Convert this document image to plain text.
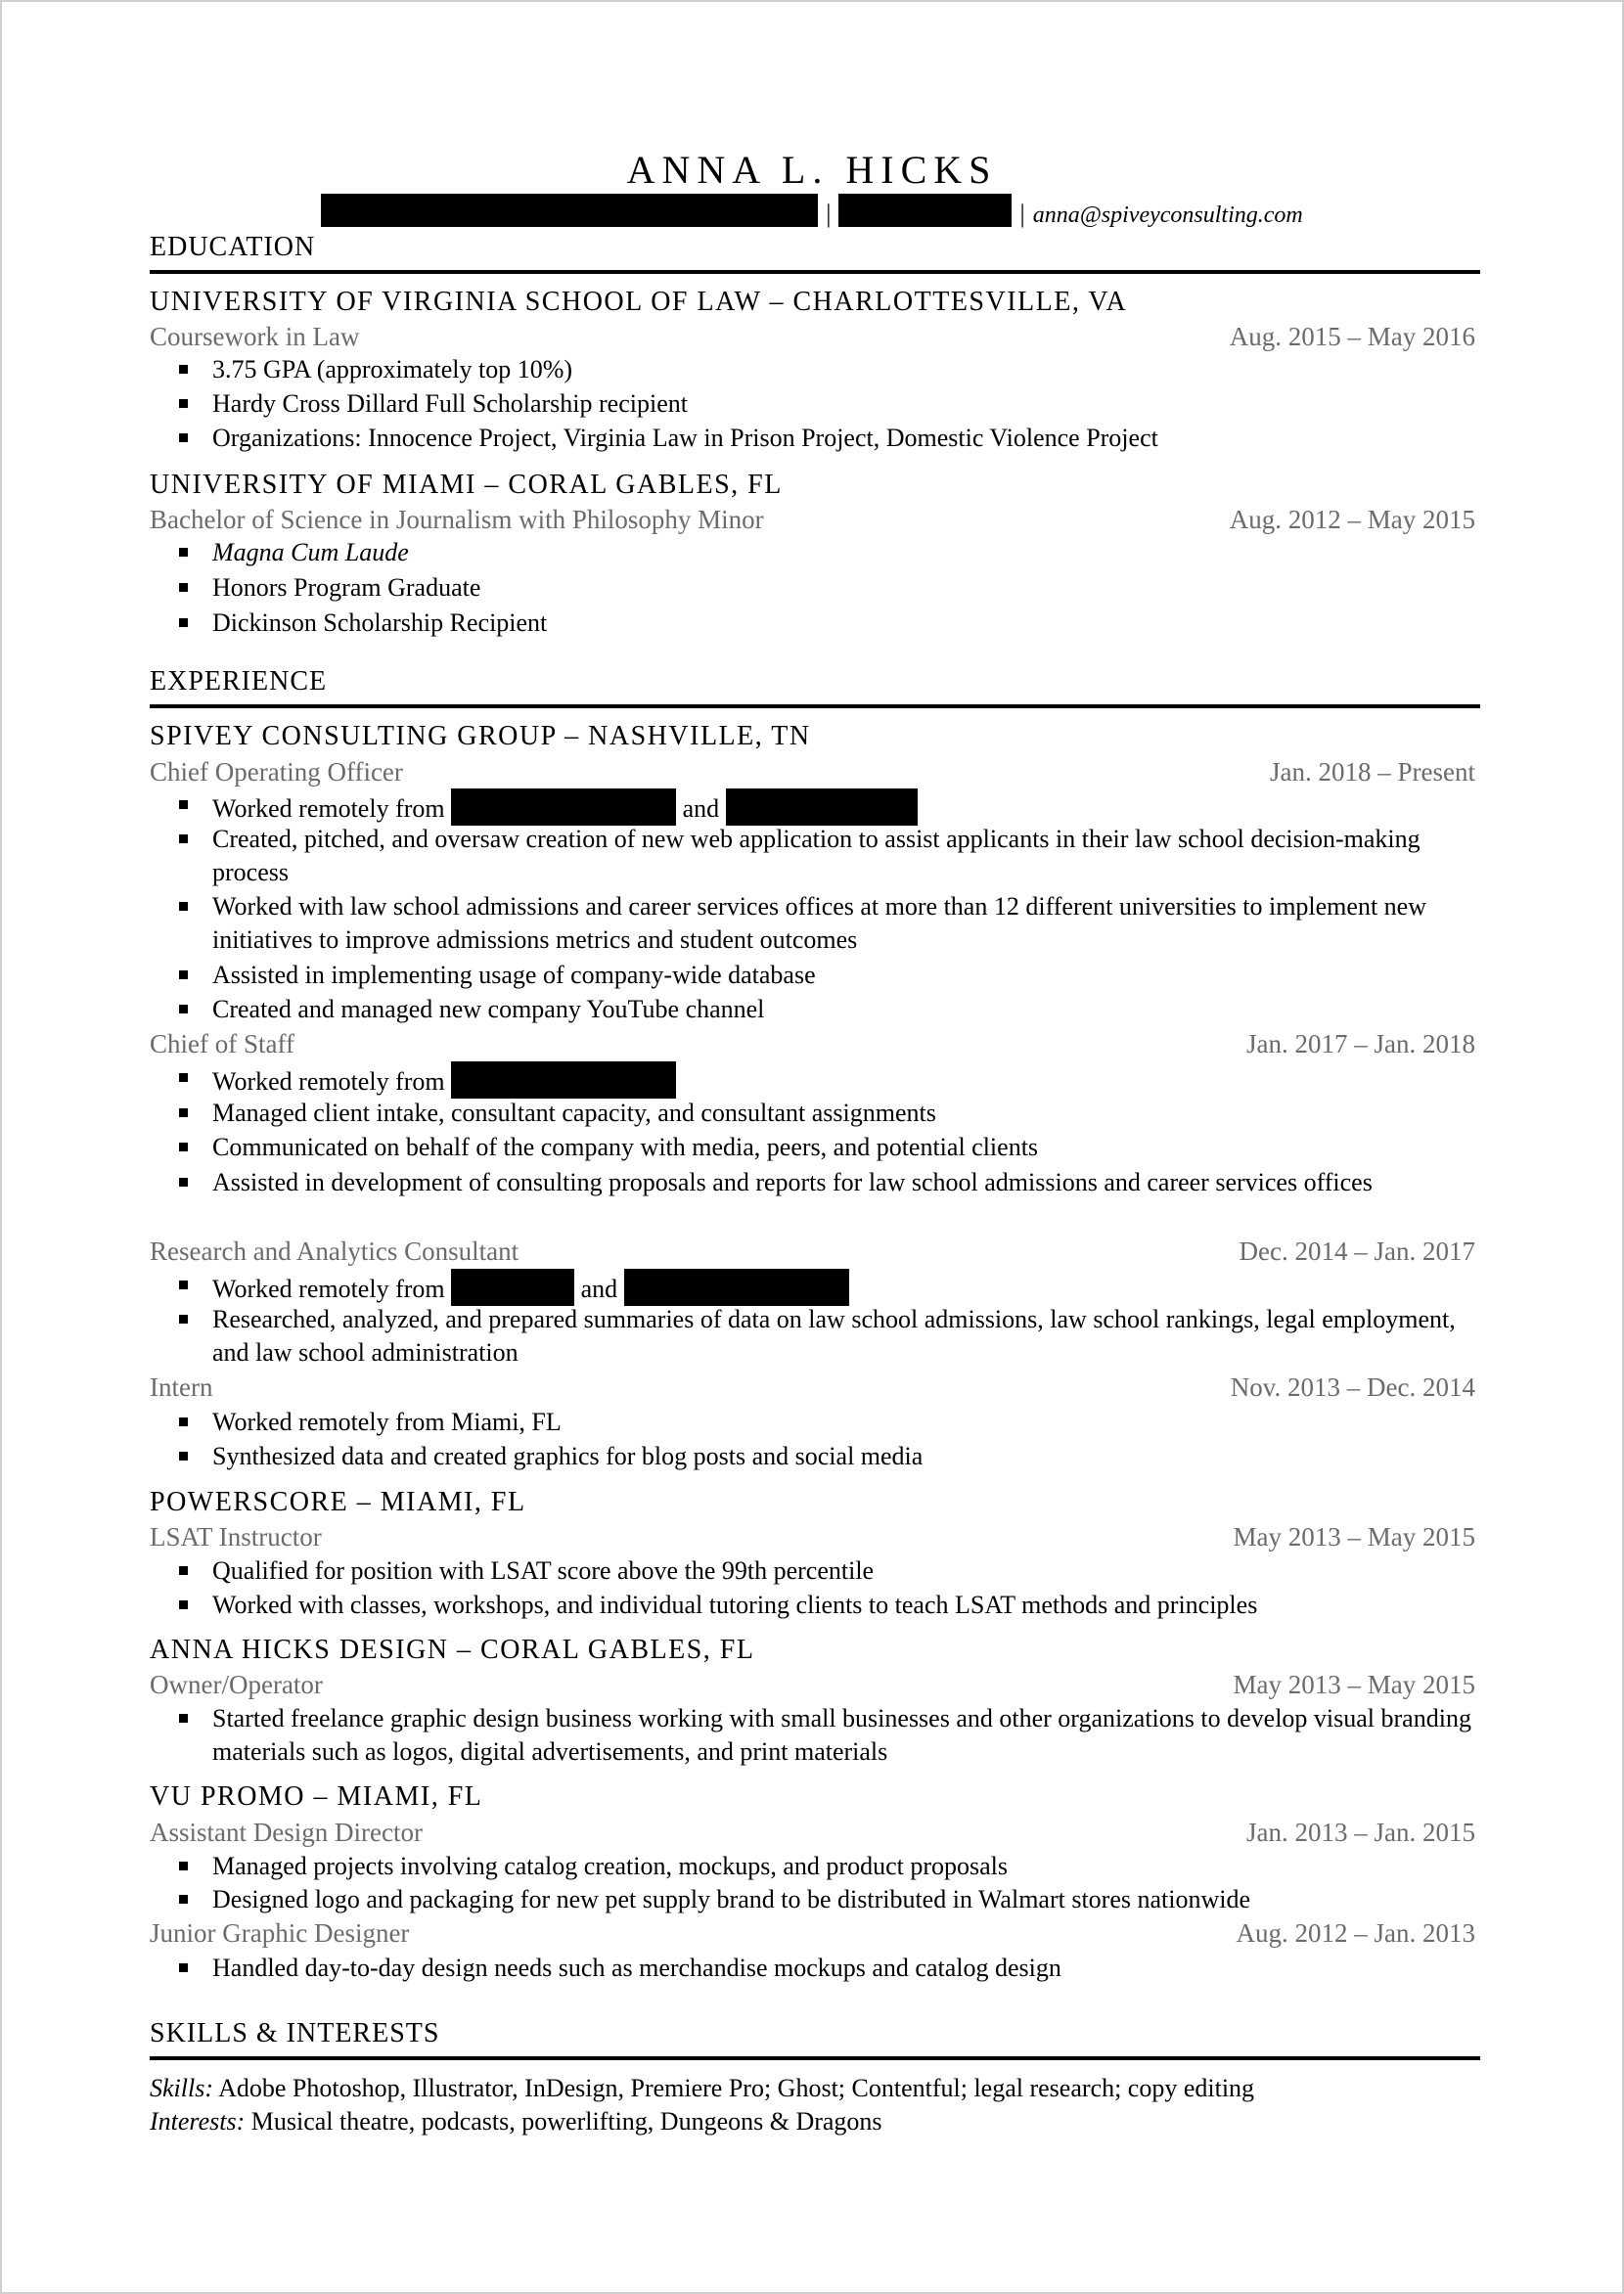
ANNA L. HICKS
|	| anna@spiveyconsulting.com
EDUCATION
UNIVERSITY OF VIRGINIA SCHOOL OF LAW – CHARLOTTESVILLE, VA
Coursework in Law	Aug. 2015 – May 2016
3.75 GPA (approximately top 10%)
Hardy Cross Dillard Full Scholarship recipient
Organizations: Innocence Project, Virginia Law in Prison Project, Domestic Violence Project
UNIVERSITY OF MIAMI – CORAL GABLES, FL
Bachelor of Science in Journalism with Philosophy Minor	Aug. 2012 – May 2015
Magna Cum Laude
Honors Program Graduate
Dickinson Scholarship Recipient
EXPERIENCE
SPIVEY CONSULTING GROUP – NASHVILLE, TN
Chief Operating Officer	Jan. 2018 – Present
Worked remotely from	and
Created, pitched, and oversaw creation of new web application to assist applicants in their law school decision-making process
Worked with law school admissions and career services offices at more than 12 different universities to implement new initiatives to improve admissions metrics and student outcomes
Assisted in implementing usage of company-wide database
Created and managed new company YouTube channel
Chief of Staff	Jan. 2017 – Jan. 2018
Worked remotely from
Managed client intake, consultant capacity, and consultant assignments
Communicated on behalf of the company with media, peers, and potential clients
Assisted in development of consulting proposals and reports for law school admissions and career services offices
Research and Analytics Consultant	Dec. 2014 – Jan. 2017
Worked remotely from	and
Researched, analyzed, and prepared summaries of data on law school admissions, law school rankings, legal employment, and law school administration
Intern	Nov. 2013 – Dec. 2014
Worked remotely from Miami, FL
Synthesized data and created graphics for blog posts and social media
POWERSCORE – MIAMI, FL
LSAT Instructor	May 2013 – May 2015
Qualified for position with LSAT score above the 99th percentile
Worked with classes, workshops, and individual tutoring clients to teach LSAT methods and principles
ANNA HICKS DESIGN – CORAL GABLES, FL
Owner/Operator	May 2013 – May 2015
Started freelance graphic design business working with small businesses and other organizations to develop visual branding materials such as logos, digital advertisements, and print materials
VU PROMO – MIAMI, FL
Assistant Design Director	Jan. 2013 – Jan. 2015
Managed projects involving catalog creation, mockups, and product proposals
Designed logo and packaging for new pet supply brand to be distributed in Walmart stores nationwide
Junior Graphic Designer	Aug. 2012 – Jan. 2013
Handled day-to-day design needs such as merchandise mockups and catalog design
SKILLS & INTERESTS
Skills: Adobe Photoshop, Illustrator, InDesign, Premiere Pro; Ghost; Contentful; legal research; copy editing
Interests: Musical theatre, podcasts, powerlifting, Dungeons & Dragons
